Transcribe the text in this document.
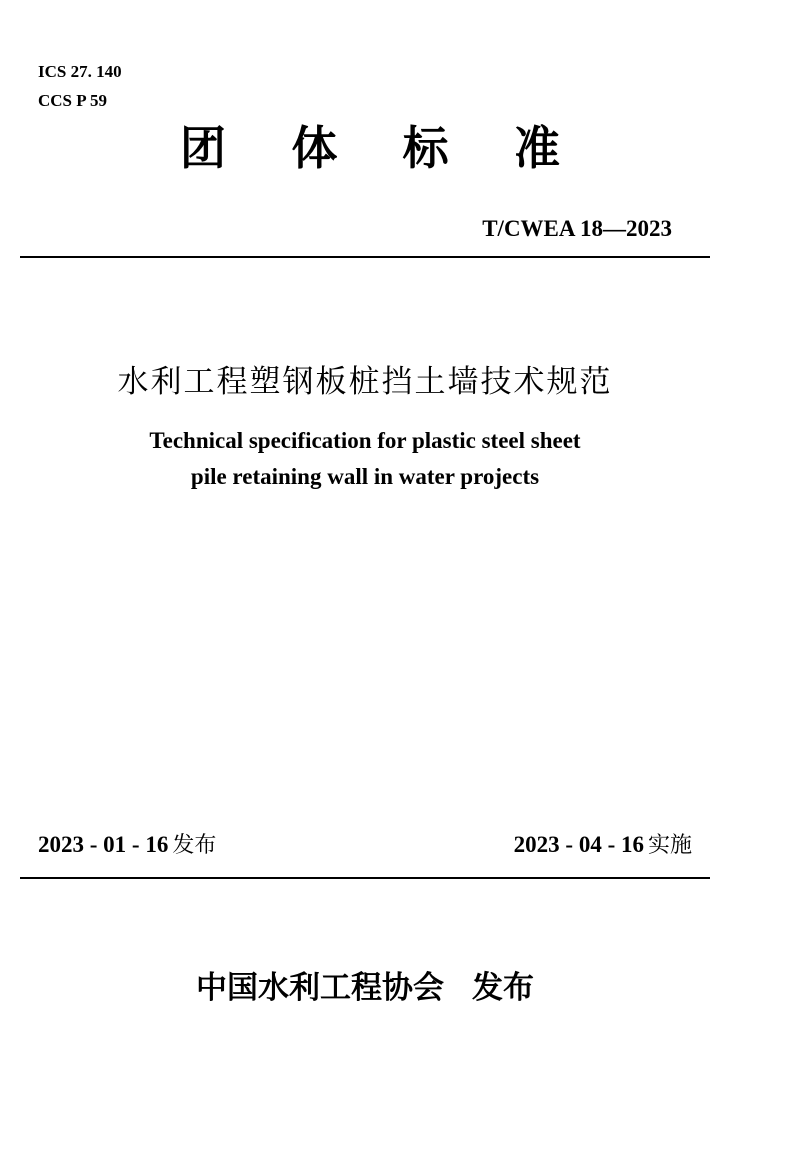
ICS 27. 140
CCS P 59
团 体 标 准
T/CWEA 18—2023
水利工程塑钢板桩挡土墙技术规范
Technical specification for plastic steel sheet
pile retaining wall in water projects
2023 - 01 - 16 发布	2023 - 04 - 16 实施
中国水利工程协会 发布
